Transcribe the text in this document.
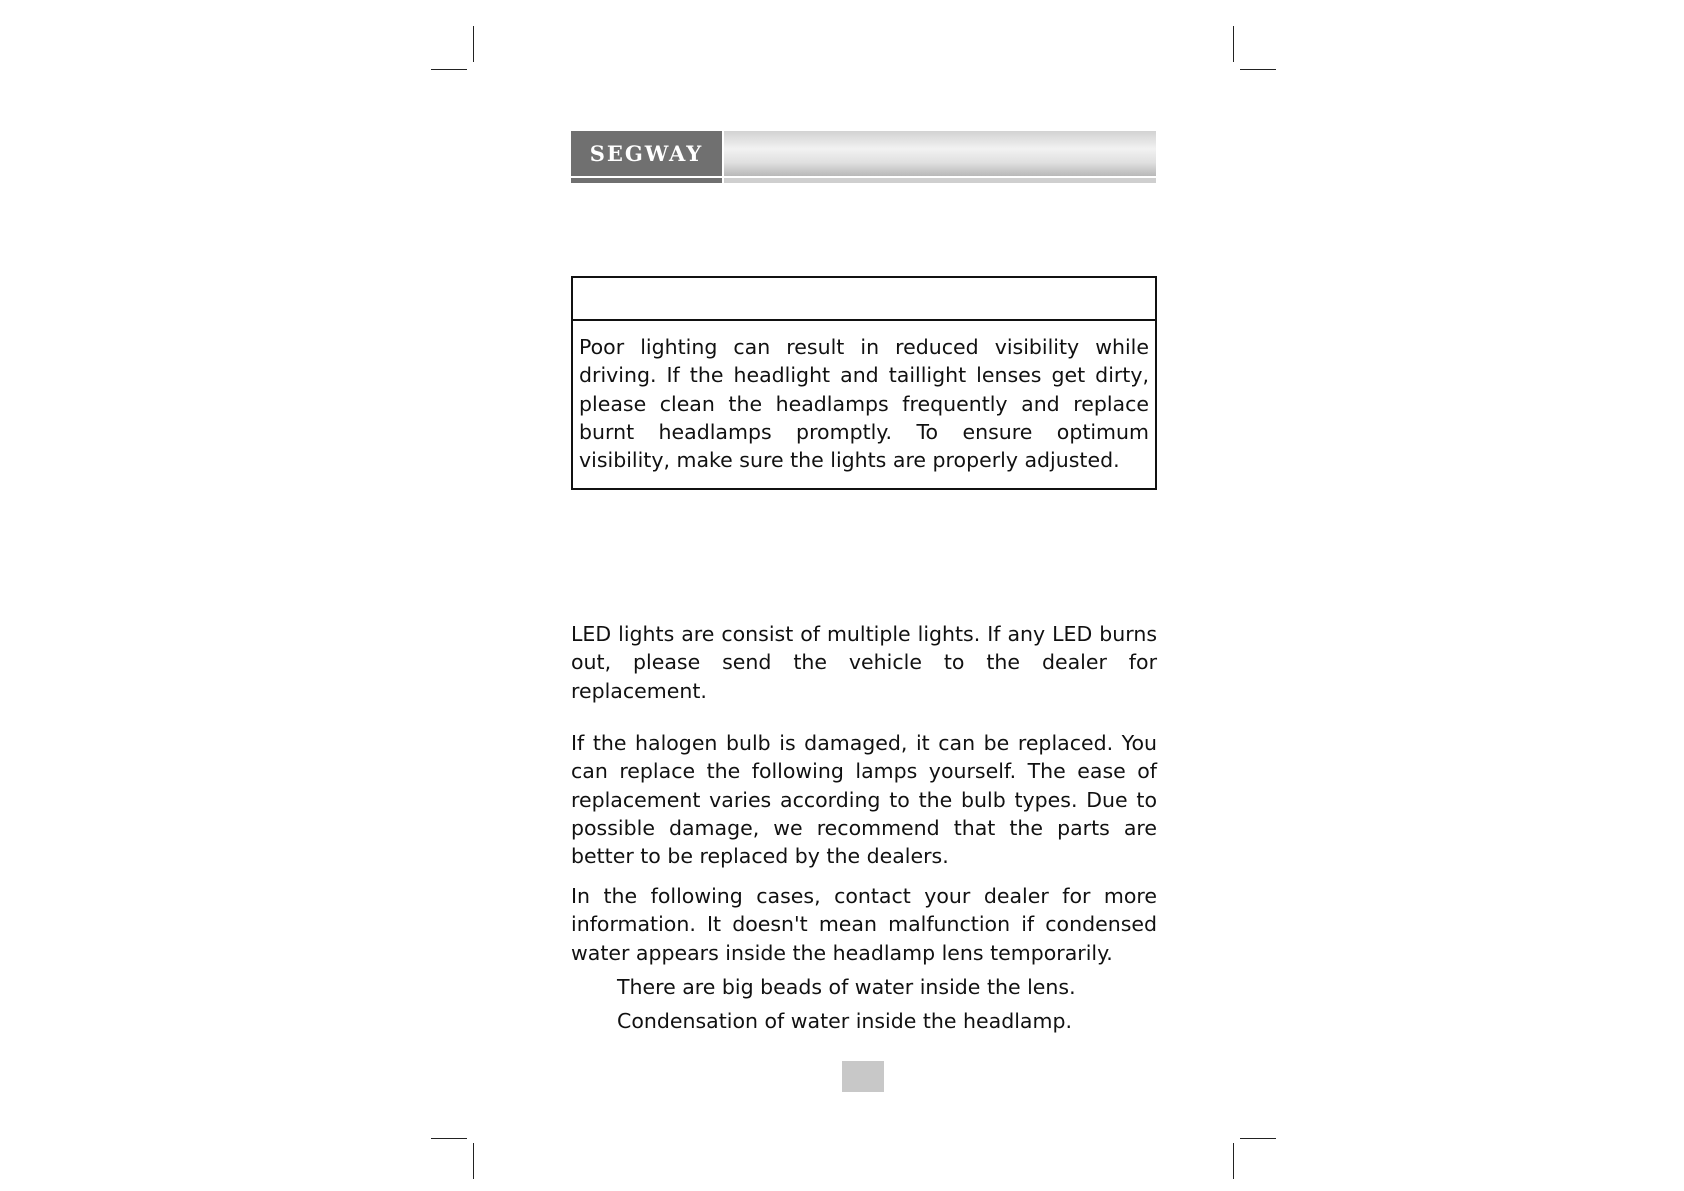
SEGWAY
Poor lighting can result in reduced visibility while driving. If the headlight and taillight lenses get dirty, please clean the headlamps frequently and replace burnt headlamps promptly. To ensure optimum visibility, make sure the lights are properly adjusted.
LED lights are consist of multiple lights. If any LED burns out, please send the vehicle to the dealer for replacement.
If the halogen bulb is damaged, it can be replaced. You can replace the following lamps yourself. The ease of replacement varies according to the bulb types. Due to possible damage, we recommend that the parts are better to be replaced by the dealers.
In the following cases, contact your dealer for more information. It doesn't mean malfunction if condensed water appears inside the headlamp lens temporarily.
There are big beads of water inside the lens.
Condensation of water inside the headlamp.
